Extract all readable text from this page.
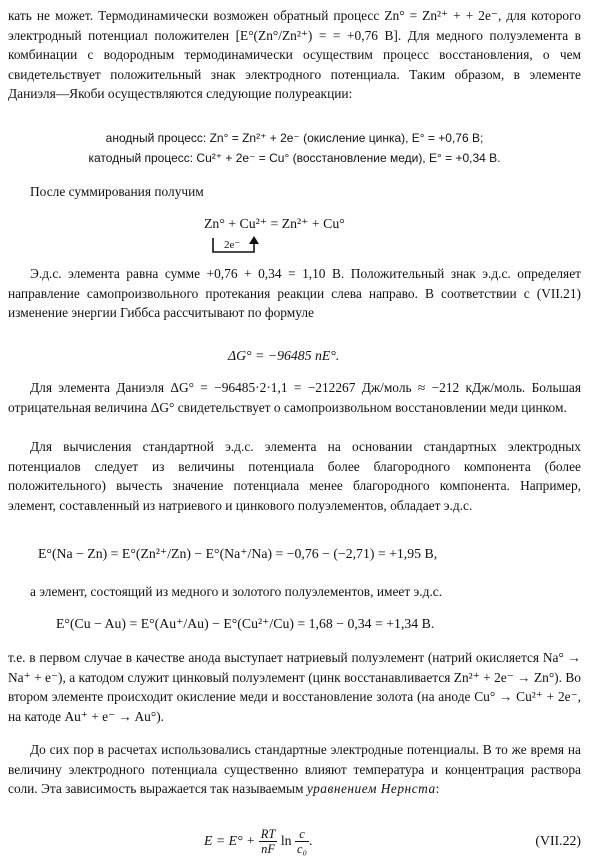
кать не может. Термодинамически возможен обратный процесс Zn° = Zn²⁺ + + 2e⁻, для которого электродный потенциал положителен [E°(Zn°/Zn²⁺) = = +0,76 В]. Для медного полуэлемента в комбинации с водородным термодинамически осуществим процесс восстановления, о чем свидетельствует положительный знак электродного потенциала. Таким образом, в элементе Даниэля—Якоби осуществляются следующие полуреакции:

анодный процесс: Zn° = Zn²⁺ + 2e⁻ (окисление цинка), E° = +0,76 В;
катодный процесс: Cu²⁺ + 2e⁻ = Cu° (восстановление меди), E° = +0,34 В.

После суммирования получим

Zn° + Cu²⁺ = Zn²⁺ + Cu°
2e⁻

Э.д.с. элемента равна сумме +0,76 + 0,34 = 1,10 В. Положительный знак э.д.с. определяет направление самопроизвольного протекания реакции слева направо. В соответствии с (VII.21) изменение энергии Гиббса рассчитывают по формуле

ΔG° = −96485 nE°.

Для элемента Даниэля ΔG° = −96485·2·1,1 = −212267 Дж/моль ≈ −212 кДж/моль. Большая отрицательная величина ΔG° свидетельствует о самопроизвольном восстановлении меди цинком.

Для вычисления стандартной э.д.с. элемента на основании стандартных электродных потенциалов следует из величины потенциала более благородного компонента (более положительного) вычесть значение потенциала менее благородного компонента. Например, элемент, составленный из натриевого и цинкового полуэлементов, обладает э.д.с.

E°(Na − Zn) = E°(Zn²⁺/Zn) − E°(Na⁺/Na) = −0,76 − (−2,71) = +1,95 В,

а элемент, состоящий из медного и золотого полуэлементов, имеет э.д.с.

E°(Cu − Au) = E°(Au⁺/Au) − E°(Cu²⁺/Cu) = 1,68 − 0,34 = +1,34 В.

т.е. в первом случае в качестве анода выступает натриевый полуэлемент (натрий окисляется Na° → Na⁺ + e⁻), а катодом служит цинковый полуэлемент (цинк восстанавливается Zn²⁺ + 2e⁻ → Zn°). Во втором элементе происходит окисление меди и восстановление золота (на аноде Cu° → Cu²⁺ + 2e⁻, на катоде Au⁺ + e⁻ → Au°).

До сих пор в расчетах использовались стандартные электродные потенциалы. В то же время на величину электродного потенциала существенно влияют температура и концентрация раствора соли. Эта зависимость выражается так называемым уравнением Нернста:

$E = E^\circ + \frac{RT}{nF}$ $\ln \frac{c}{\text{c₀}}$ .	(VII.22)
